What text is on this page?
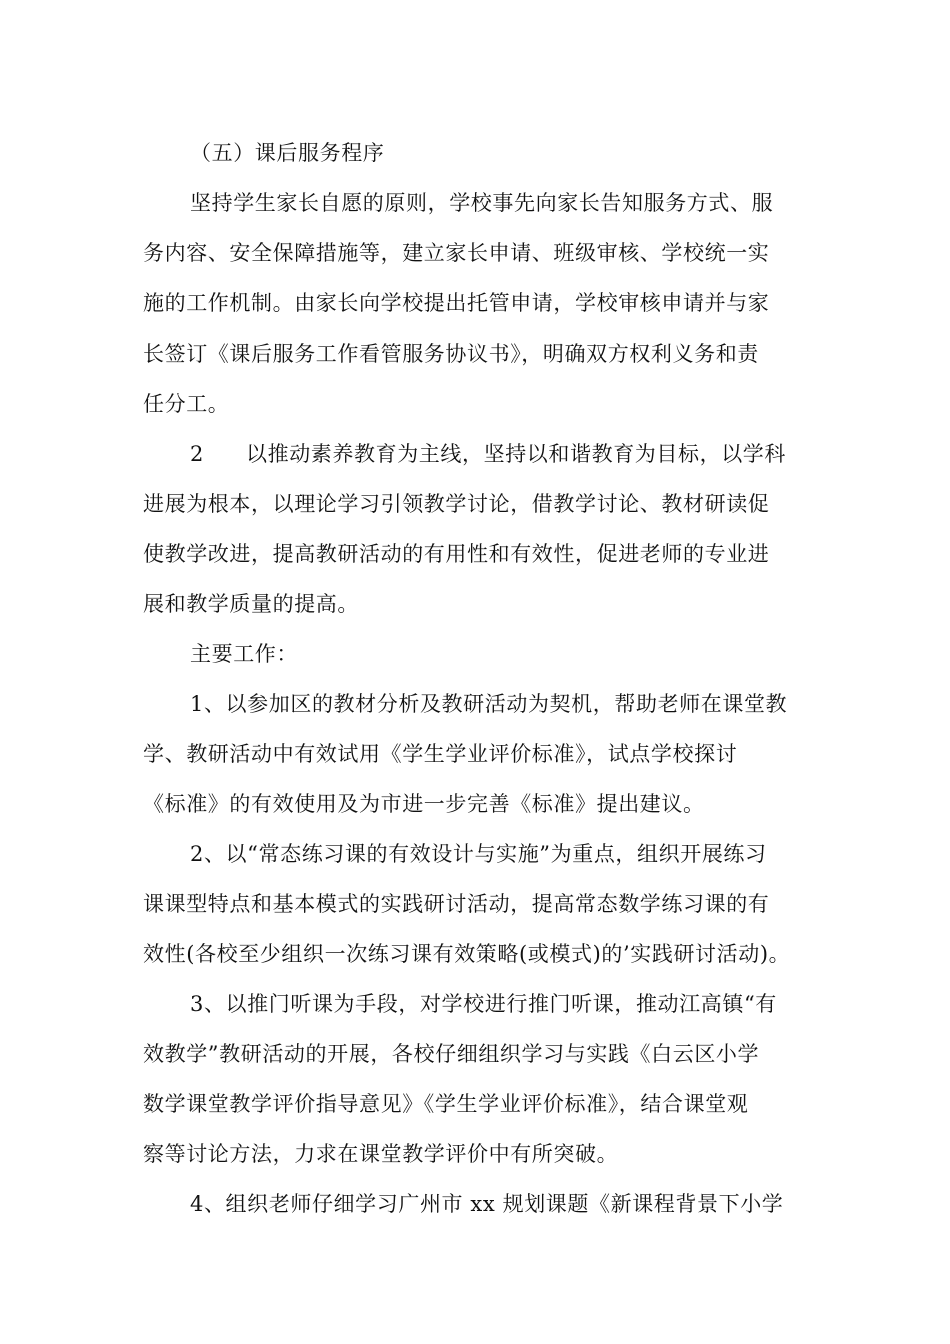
（五）课后服务程序
坚持学生家长自愿的原则，学校事先向家长告知服务方式、服
务内容、安全保障措施等，建立家长申请、班级审核、学校统一实
施的工作机制。由家长向学校提出托管申请，学校审核申请并与家
长签订《课后服务工作看管服务协议书》，明确双方权利义务和责
任分工。
2 以推动素养教育为主线，坚持以和谐教育为目标，以学科
进展为根本，以理论学习引领教学讨论，借教学讨论、教材研读促
使教学改进，提高教研活动的有用性和有效性，促进老师的专业进
展和教学质量的提高。
主要工作：
1、以参加区的教材分析及教研活动为契机，帮助老师在课堂教
学、教研活动中有效试用《学生学业评价标准》，试点学校探讨
《标准》的有效使用及为市进一步完善《标准》提出建议。
2、以“常态练习课的有效设计与实施”为重点，组织开展练习
课课型特点和基本模式的实践研讨活动，提高常态数学练习课的有
效性(各校至少组织一次练习课有效策略(或模式)的’实践研讨活动)。
3、以推门听课为手段，对学校进行推门听课，推动江高镇“有
效教学”教研活动的开展，各校仔细组织学习与实践《白云区小学
数学课堂教学评价指导意见》《学生学业评价标准》，结合课堂观
察等讨论方法，力求在课堂教学评价中有所突破。
4、组织老师仔细学习广州市 xx 规划课题《新课程背景下小学
